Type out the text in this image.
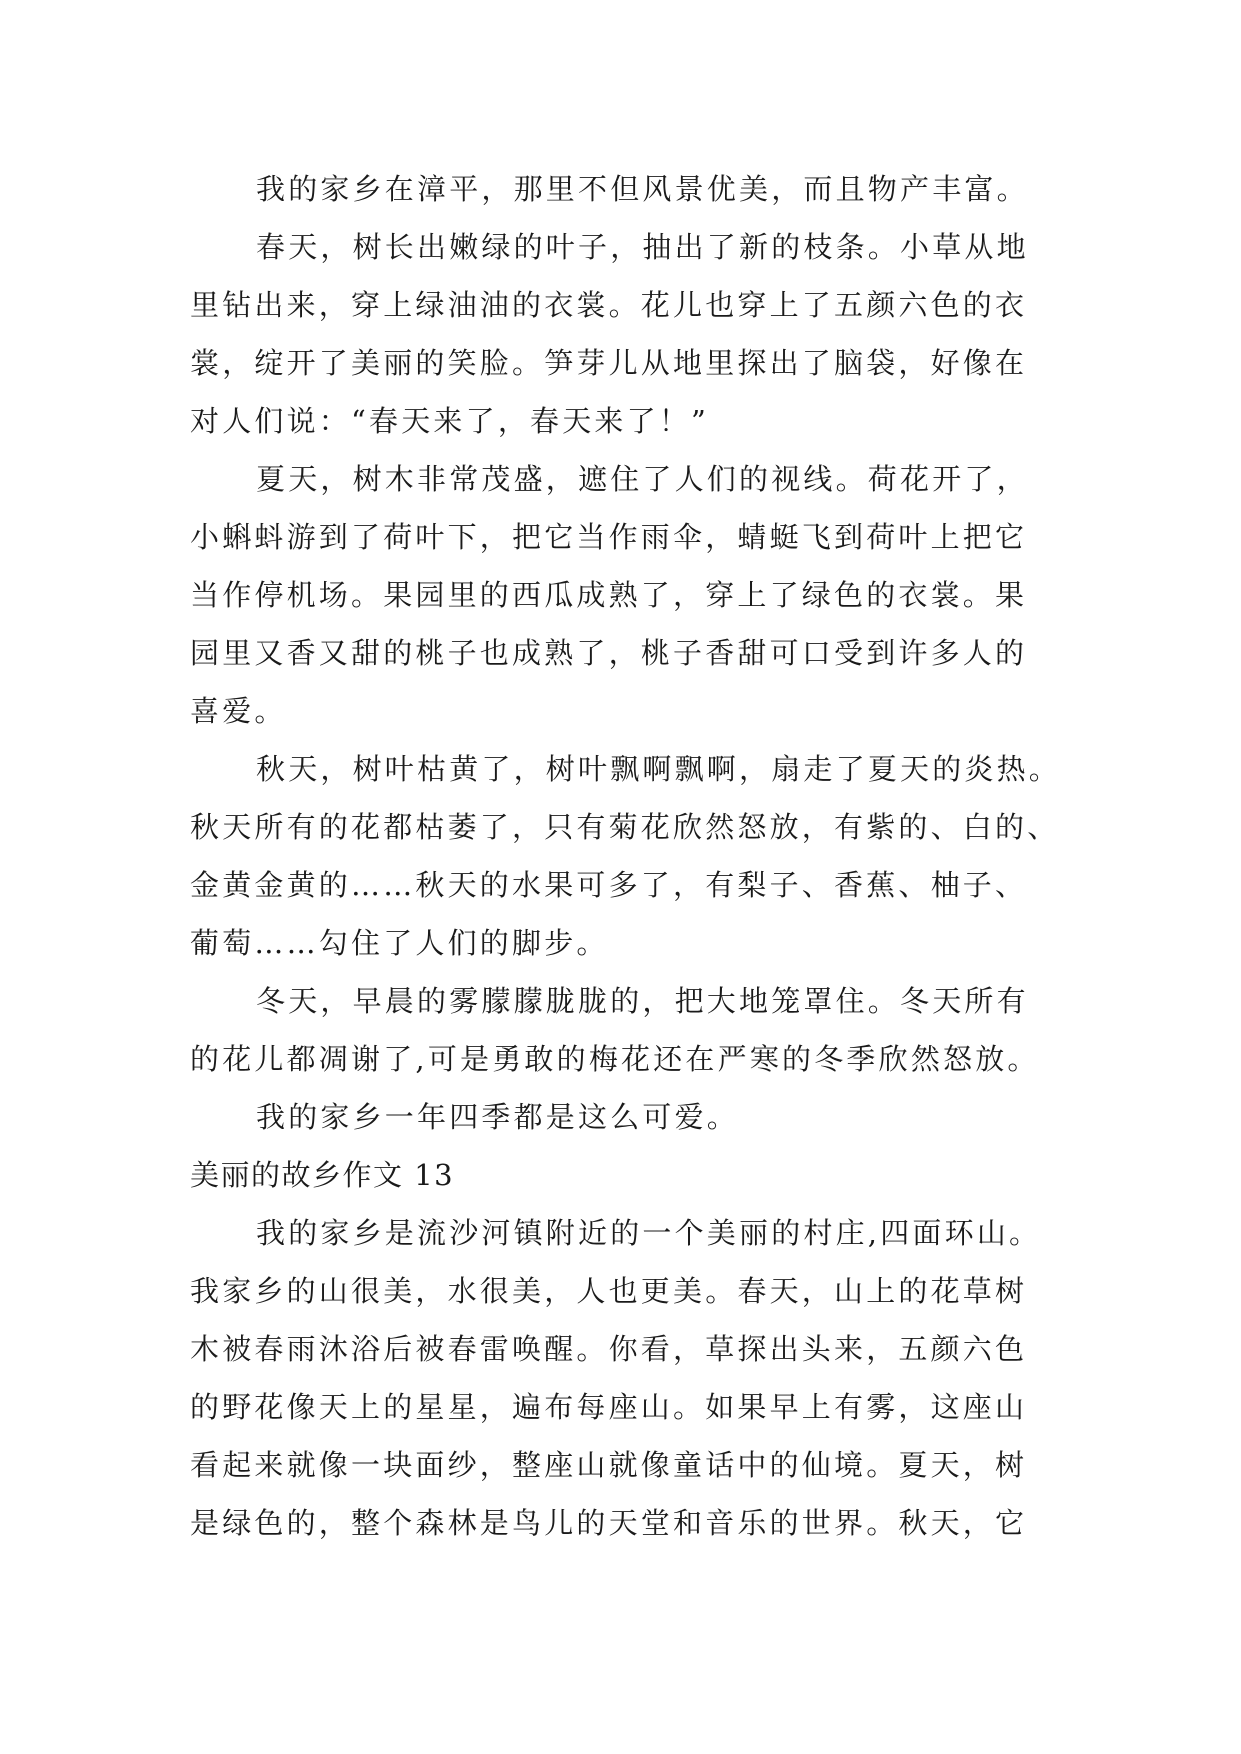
我的家乡在漳平，那里不但风景优美，而且物产丰富。
春天，树长出嫩绿的叶子，抽出了新的枝条。小草从地
里钻出来，穿上绿油油的衣裳。花儿也穿上了五颜六色的衣
裳，绽开了美丽的笑脸。笋芽儿从地里探出了脑袋，好像在
对人们说：“春天来了，春天来了！”
夏天，树木非常茂盛，遮住了人们的视线。荷花开了，
小蝌蚪游到了荷叶下，把它当作雨伞，蜻蜓飞到荷叶上把它
当作停机场。果园里的西瓜成熟了，穿上了绿色的衣裳。果
园里又香又甜的桃子也成熟了，桃子香甜可口受到许多人的
喜爱。
秋天，树叶枯黄了，树叶飘啊飘啊，扇走了夏天的炎热。
秋天所有的花都枯萎了，只有菊花欣然怒放，有紫的、白的、
金黄金黄的……秋天的水果可多了，有梨子、香蕉、柚子、
葡萄……勾住了人们的脚步。
冬天，早晨的雾朦朦胧胧的，把大地笼罩住。冬天所有
的花儿都凋谢了,可是勇敢的梅花还在严寒的冬季欣然怒放。
我的家乡一年四季都是这么可爱。
美丽的故乡作文 13
我的家乡是流沙河镇附近的一个美丽的村庄,四面环山。
我家乡的山很美，水很美，人也更美。春天，山上的花草树
木被春雨沐浴后被春雷唤醒。你看，草探出头来，五颜六色
的野花像天上的星星，遍布每座山。如果早上有雾，这座山
看起来就像一块面纱，整座山就像童话中的仙境。夏天，树
是绿色的，整个森林是鸟儿的天堂和音乐的世界。秋天，它
